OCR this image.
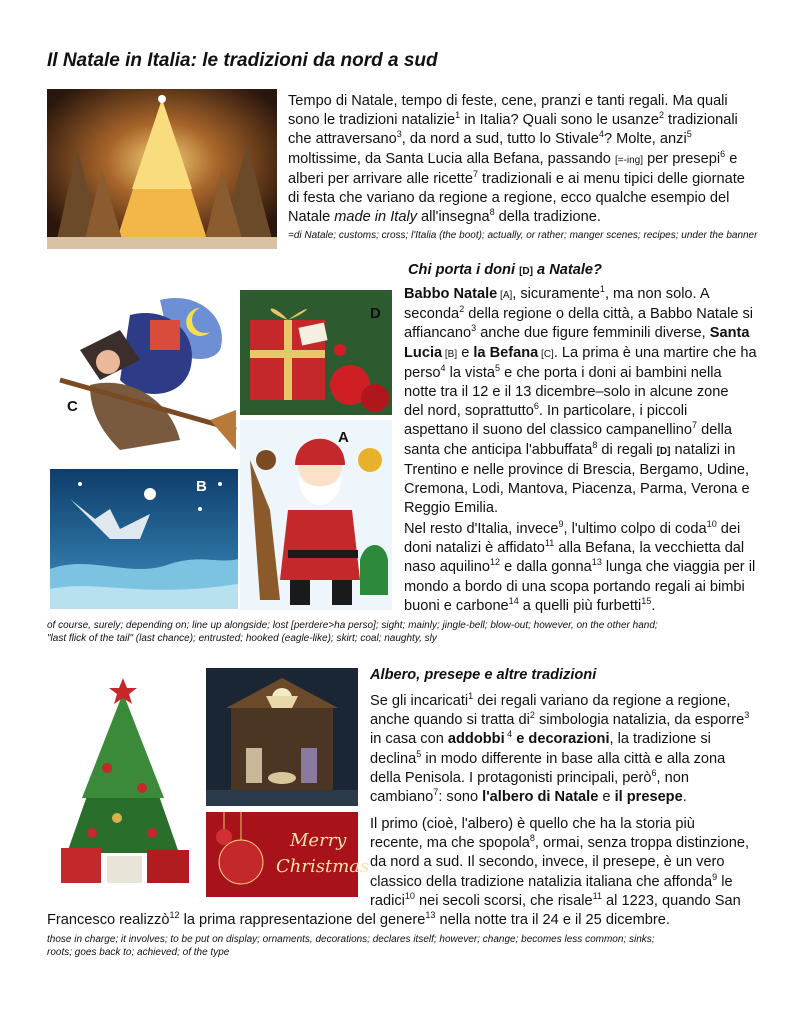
Il Natale in Italia: le tradizioni da nord a sud
Tempo di Natale, tempo di feste, cene, pranzi e tanti regali. Ma quali
sono le tradizioni natalizie$^1$ in Italia? Quali sono le usanze$^2$ tradizionali
che attraversano$^3$, da nord a sud, tutto lo Stivale$^4$? Molte, anzi$^5$
moltissime, da Santa Lucia alla Befana, passando [=-ing] per presepi$^6$ e
alberi per arrivare alle ricette$^7$ tradizionali e ai menu tipici delle giornate
di festa che variano da regione a regione, ecco qualche esempio del
Natale made in Italy all'insegna$^8$ della tradizione.
=di Natale; customs; cross; l'Italia (the boot); actually, or rather; manger scenes; recipes; under the banner
C
D
B
A
Chi porta i doni [D] a Natale?
Babbo Natale [A], sicuramente$^1$, ma non solo. A
seconda$^2$ della regione o della città, a Babbo Natale si
affiancano$^3$ anche due figure femminili diverse, Santa
Lucia [B] e la Befana [C]. La prima è una martire che ha
perso$^4$ la vista$^5$ e che porta i doni ai bambini nella
notte tra il 12 e il 13 dicembre–solo in alcune zone
del nord, soprattutto$^6$. In particolare, i piccoli
aspettano il suono del classico campanellino$^7$ della
santa che anticipa l'abbuffata$^8$ di regali [D] natalizi in
Trentino e nelle province di Brescia, Bergamo, Udine,
Cremona, Lodi, Mantova, Piacenza, Parma, Verona e
Reggio Emilia.
Nel resto d'Italia, invece$^9$, l'ultimo colpo di coda$^{10}$ dei
doni natalizi è affidato$^{11}$ alla Befana, la vecchietta dal
naso aquilino$^{12}$ e dalla gonna$^{13}$ lunga che viaggia per il
mondo a bordo di una scopa portando regali ai bimbi
buoni e carbone$^{14}$ a quelli più furbetti$^{15}$.
of course, surely; depending on; line up alongside; lost [perdere>ha perso]; sight; mainly; jingle-bell; blow-out; however, on the other hand;
"last flick of the tail" (last chance); entrusted; hooked (eagle-like); skirt; coal; naughty, sly
Merry
Christmas
Albero, presepe e altre tradizioni
Se gli incaricati$^1$ dei regali variano da regione a regione,
anche quando si tratta $di^2$ simbologia natalizia, da esporre$^3$
in casa con addobbi $^4$ e decorazioni, la tradizione si
declina$^5$ in modo differente in base alla città e alla zona
della Penisola. I protagonisti principali, però$^6$, non
cambiano$^7$: sono l'albero di Natale e il presepe.
Il primo (cioè, l'albero) è quello che ha la storia più
recente, ma che spopola$^8$, ormai, senza troppa distinzione,
da nord a sud. Il secondo, invece, il presepe, è un vero
classico della tradizione natalizia italiana che affonda$^9$ le
radici$^{10}$ nei secoli scorsi, che risale$^{11}$ al 1223, quando San
Francesco realizzò$^{12}$ la prima rappresentazione del genere$^{13}$ nella notte tra il 24 e il 25 dicembre.
those in charge; it involves; to be put on display; ornaments, decorations; declares itself; however; change; becomes less common; sinks;
roots; goes back to; achieved; of the type
